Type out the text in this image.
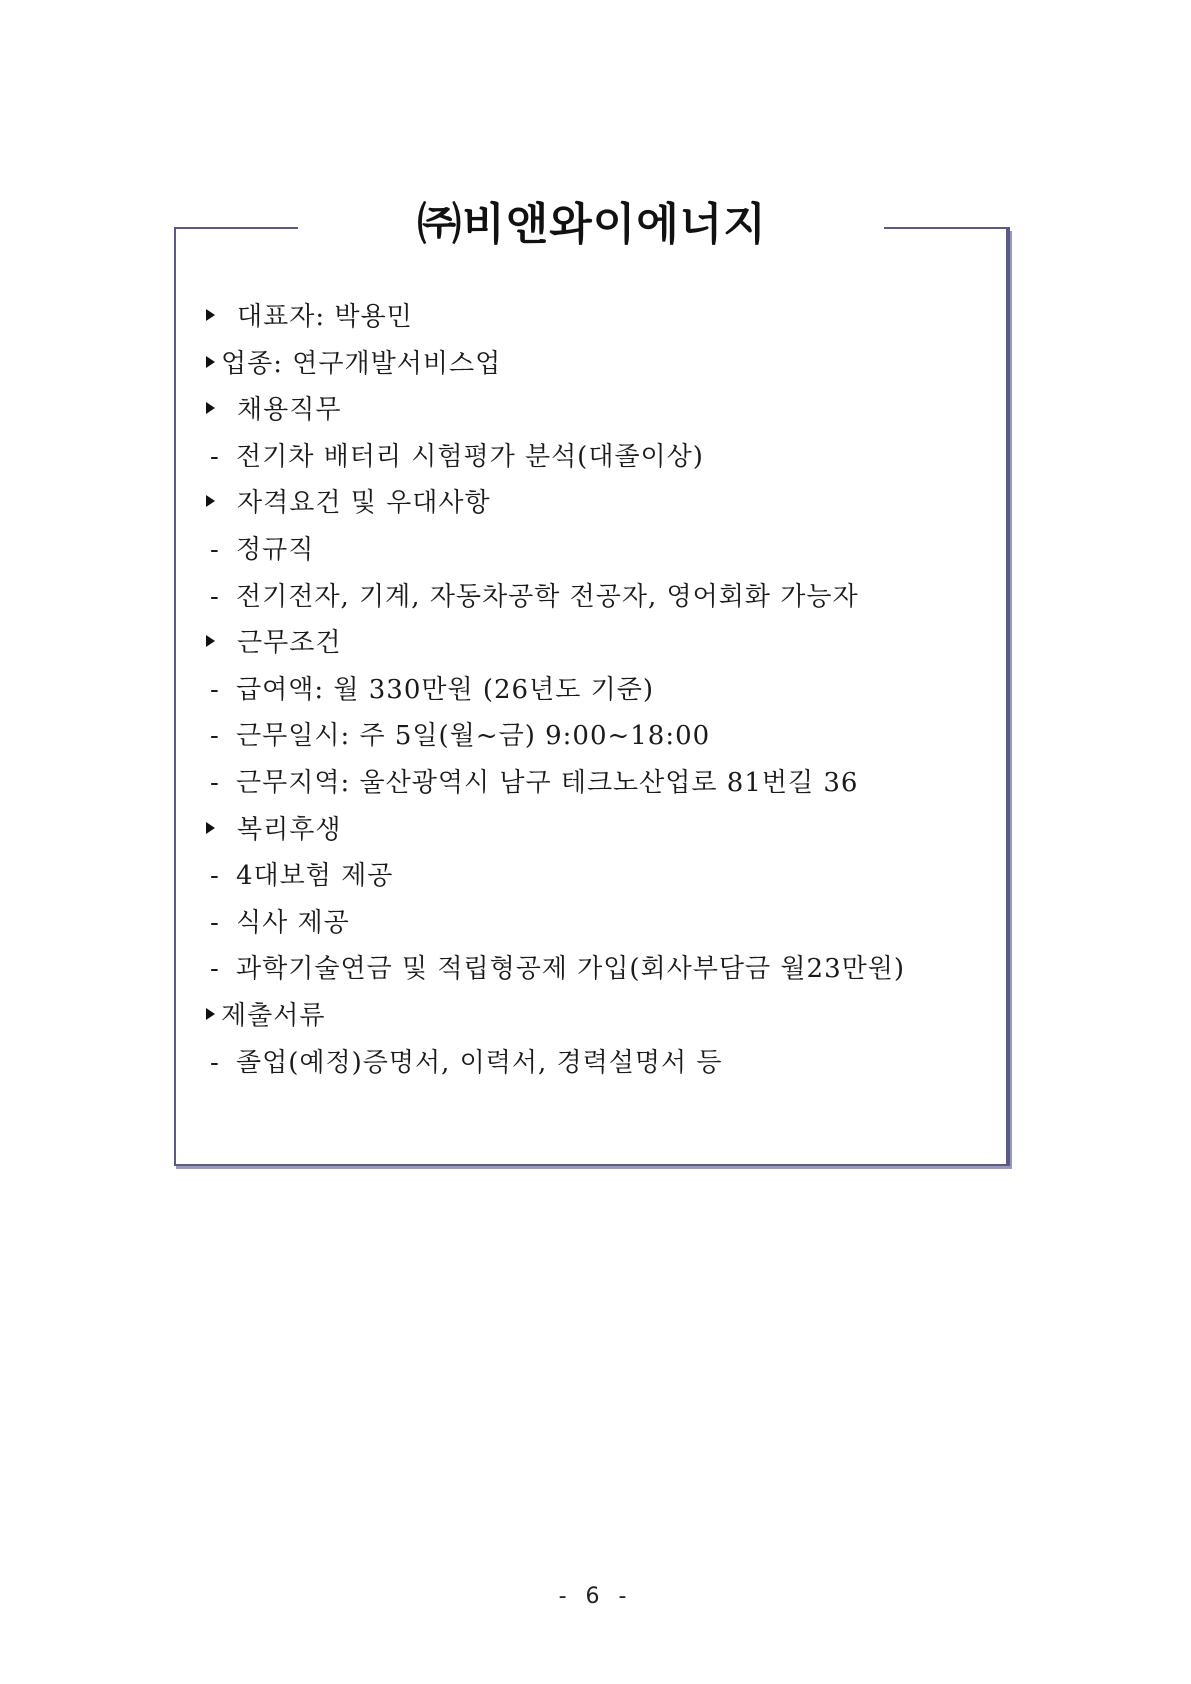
㈜비앤와이에너지
대표자: 박용민
업종: 연구개발서비스업
채용직무
- 전기차 배터리 시험평가 분석(대졸이상)
자격요건 및 우대사항
- 정규직
- 전기전자, 기계, 자동차공학 전공자, 영어회화 가능자
근무조건
- 급여액: 월 330만원 (26년도 기준)
- 근무일시: 주 5일(월~금) 9:00~18:00
- 근무지역: 울산광역시 남구 테크노산업로 81번길 36
복리후생
- 4대보험 제공
- 식사 제공
- 과학기술연금 및 적립형공제 가입(회사부담금 월23만원)
제출서류
- 졸업(예정)증명서, 이력서, 경력설명서 등
- 6 -
